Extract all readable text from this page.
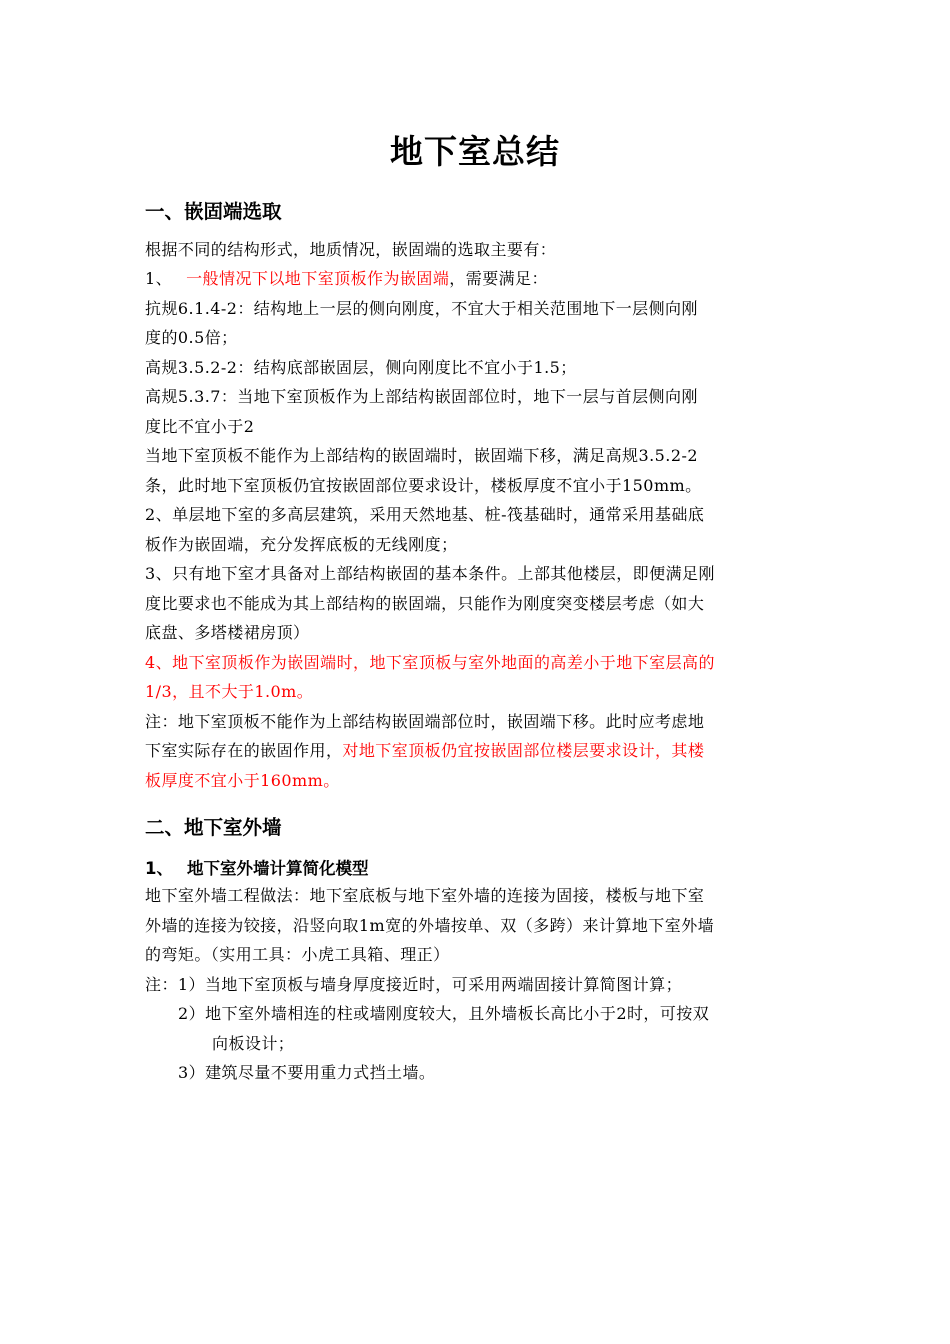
地下室总结
一、嵌固端选取
根据不同的结构形式，地质情况，嵌固端的选取主要有：
1、 一般情况下以地下室顶板作为嵌固端，需要满足：
抗规6.1.4-2：结构地上一层的侧向刚度，不宜大于相关范围地下一层侧向刚
度的0.5倍；
高规3.5.2-2：结构底部嵌固层，侧向刚度比不宜小于1.5；
高规5.3.7：当地下室顶板作为上部结构嵌固部位时，地下一层与首层侧向刚
度比不宜小于2
当地下室顶板不能作为上部结构的嵌固端时，嵌固端下移，满足高规3.5.2-2
条，此时地下室顶板仍宜按嵌固部位要求设计，楼板厚度不宜小于150mm。
2、单层地下室的多高层建筑，采用天然地基、桩-筏基础时，通常采用基础底
板作为嵌固端，充分发挥底板的无线刚度；
3、只有地下室才具备对上部结构嵌固的基本条件。上部其他楼层，即便满足刚
度比要求也不能成为其上部结构的嵌固端，只能作为刚度突变楼层考虑（如大
底盘、多塔楼裙房顶）
4、地下室顶板作为嵌固端时，地下室顶板与室外地面的高差小于地下室层高的
1/3，且不大于1.0m。
注：地下室顶板不能作为上部结构嵌固端部位时，嵌固端下移。此时应考虑地
下室实际存在的嵌固作用，对地下室顶板仍宜按嵌固部位楼层要求设计，其楼
板厚度不宜小于160mm。
二、地下室外墙
1、 地下室外墙计算简化模型
地下室外墙工程做法：地下室底板与地下室外墙的连接为固接，楼板与地下室
外墙的连接为铰接，沿竖向取1m宽的外墙按单、双（多跨）来计算地下室外墙
的弯矩。（实用工具：小虎工具箱、理正）
注：1）当地下室顶板与墙身厚度接近时，可采用两端固接计算简图计算；
2）地下室外墙相连的柱或墙刚度较大，且外墙板长高比小于2时，可按双
向板设计；
3）建筑尽量不要用重力式挡土墙。
